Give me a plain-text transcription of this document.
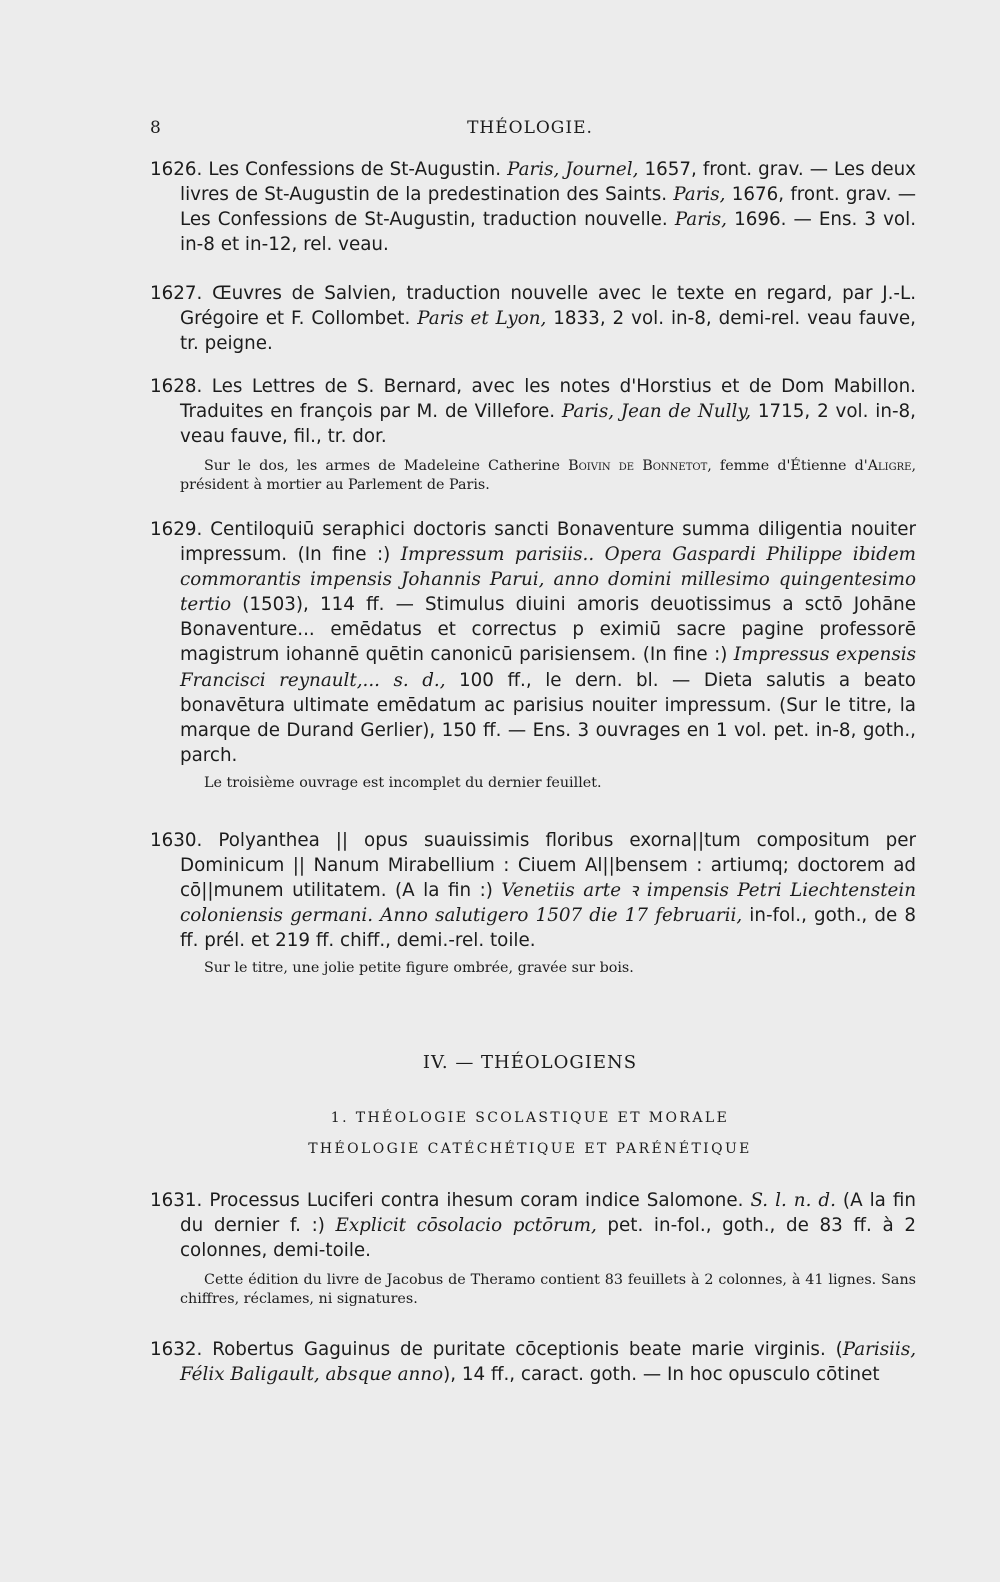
8	THÉOLOGIE.

1626. Les Confessions de St-Augustin. Paris, Journel, 1657, front. grav. — Les deux livres de St-Augustin de la predestination des Saints. Paris, 1676, front. grav. — Les Confessions de St-Augustin, traduction nouvelle. Paris, 1696. — Ens. 3 vol. in-8 et in-12, rel. veau.

1627. Œuvres de Salvien, traduction nouvelle avec le texte en regard, par J.-L. Grégoire et F. Collombet. Paris et Lyon, 1833, 2 vol. in-8, demi-rel. veau fauve, tr. peigne.

1628. Les Lettres de S. Bernard, avec les notes d'Horstius et de Dom Mabillon. Traduites en françois par M. de Villefore. Paris, Jean de Nully, 1715, 2 vol. in-8, veau fauve, fil., tr. dor.

Sur le dos, les armes de Madeleine Catherine Boivin de Bonnetot, femme d'Étienne d'Aligre, président à mortier au Parlement de Paris.

1629. Centiloquiū seraphici doctoris sancti Bonaventure summa diligentia nouiter impressum. (In fine :) Impressum parisiis.. Opera Gaspardi Philippe ibidem commorantis impensis Johannis Parui, anno domini millesimo quingentesimo tertio (1503), 114 ff. — Stimulus diuini amoris deuotissimus a sctō Johāne Bonaventure... emēdatus et correctus p eximiū sacre pagine professorē magistrum iohannē quētin canonicū parisiensem. (In fine :) Impressus expensis Francisci reynault,... s. d., 100 ff., le dern. bl. — Dieta salutis a beato bonavētura ultimate emēdatum ac parisius nouiter impressum. (Sur le titre, la marque de Durand Gerlier), 150 ff. — Ens. 3 ouvrages en 1 vol. pet. in-8, goth., parch.

Le troisième ouvrage est incomplet du dernier feuillet.

1630. Polyanthea || opus suauissimis floribus exorna||tum compositum per Dominicum || Nanum Mirabellium : Ciuem Al||bensem : artiumq; doctorem ad cō||munem utilitatem. (A la fin :) Venetiis arte ꝛ impensis Petri Liechtenstein coloniensis germani. Anno salutigero 1507 die 17 februarii, in-fol., goth., de 8 ff. prél. et 219 ff. chiff., demi.-rel. toile.

Sur le titre, une jolie petite figure ombrée, gravée sur bois.

IV. — THÉOLOGIENS
1. THÉOLOGIE SCOLASTIQUE ET MORALE
THÉOLOGIE CATÉCHÉTIQUE ET PARÉNÉTIQUE

1631. Processus Luciferi contra ihesum coram indice Salomone. S. l. n. d. (A la fin du dernier f. :) Explicit cōsolacio pctōrum, pet. in-fol., goth., de 83 ff. à 2 colonnes, demi-toile.

Cette édition du livre de Jacobus de Theramo contient 83 feuillets à 2 colonnes, à 41 lignes. Sans chiffres, réclames, ni signatures.

1632. Robertus Gaguinus de puritate cōceptionis beate marie virginis. (Parisiis, Félix Baligault, absque anno), 14 ff., caract. goth. — In hoc opusculo cōtinet
